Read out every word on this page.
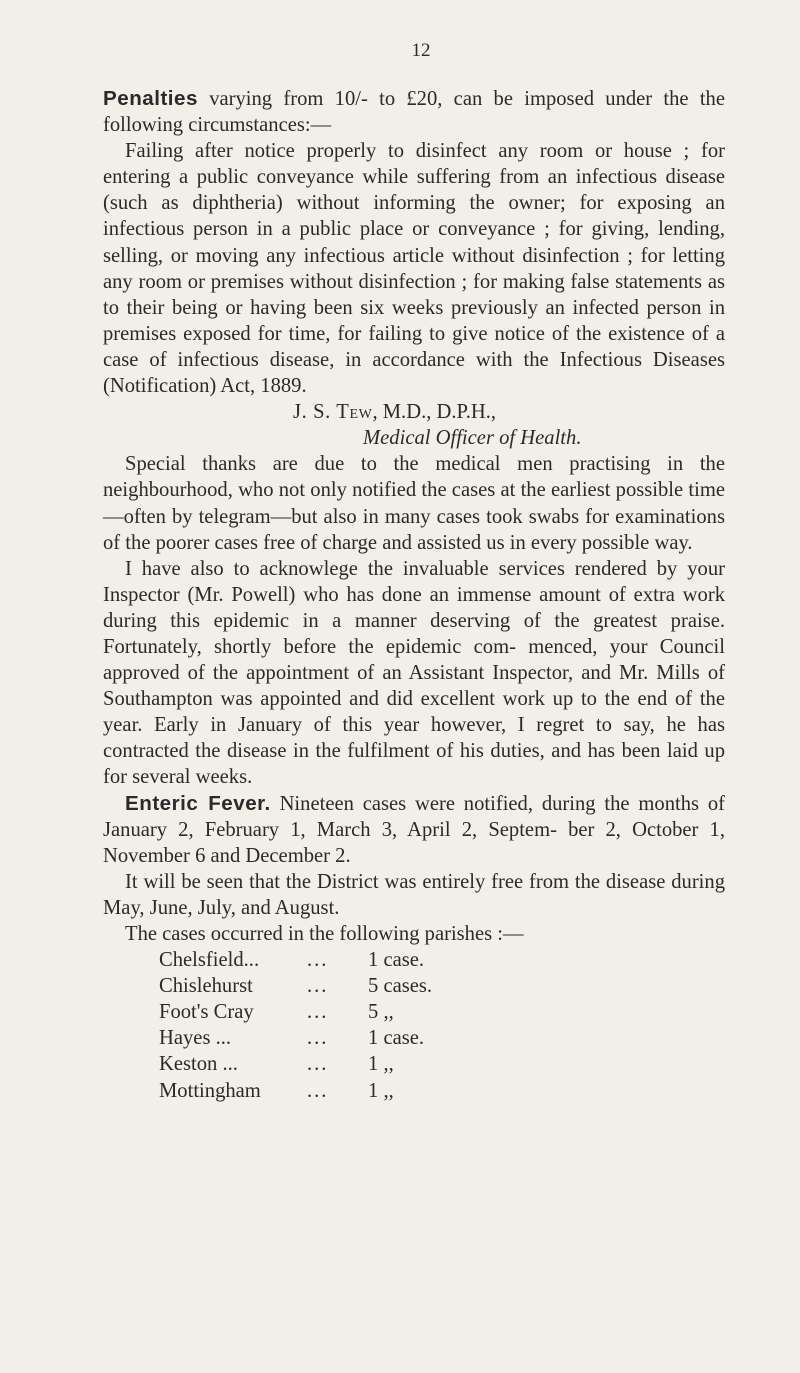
12

Penalties varying from 10/- to £20, can be imposed under the the following circumstances:—

Failing after notice properly to disinfect any room or house ; for entering a public conveyance while suffering from an infectious disease (such as diphtheria) without informing the owner; for exposing an infectious person in a public place or conveyance ; for giving, lending, selling, or moving any infectious article without disinfection ; for letting any room or premises without disinfection ; for making false statements as to their being or having been six weeks previously an infected person in premises exposed for time, for failing to give notice of the existence of a case of infectious disease, in accordance with the Infectious Diseases (Notification) Act, 1889.

J. S. Tew, M.D., D.P.H.,
Medical Officer of Health.

Special thanks are due to the medical men practising in the neighbourhood, who not only notified the cases at the earliest possible time—often by telegram—but also in many cases took swabs for examinations of the poorer cases free of charge and assisted us in every possible way.

I have also to acknowlege the invaluable services rendered by your Inspector (Mr. Powell) who has done an immense amount of extra work during this epidemic in a manner deserving of the greatest praise. Fortunately, shortly before the epidemic com- menced, your Council approved of the appointment of an Assistant Inspector, and Mr. Mills of Southampton was appointed and did excellent work up to the end of the year. Early in January of this year however, I regret to say, he has contracted the disease in the fulfilment of his duties, and has been laid up for several weeks.

Enteric Fever. Nineteen cases were notified, during the months of January 2, February 1, March 3, April 2, Septem- ber 2, October 1, November 6 and December 2.

It will be seen that the District was entirely free from the disease during May, June, July, and August.

The cases occurred in the following parishes :—

Chelsfield...	...	1 case.
Chislehurst	...	5 cases.
Foot's Cray	...	5 ,,
Hayes ...	...	1 case.
Keston ...	...	1 ,,
Mottingham	...	1 ,,
